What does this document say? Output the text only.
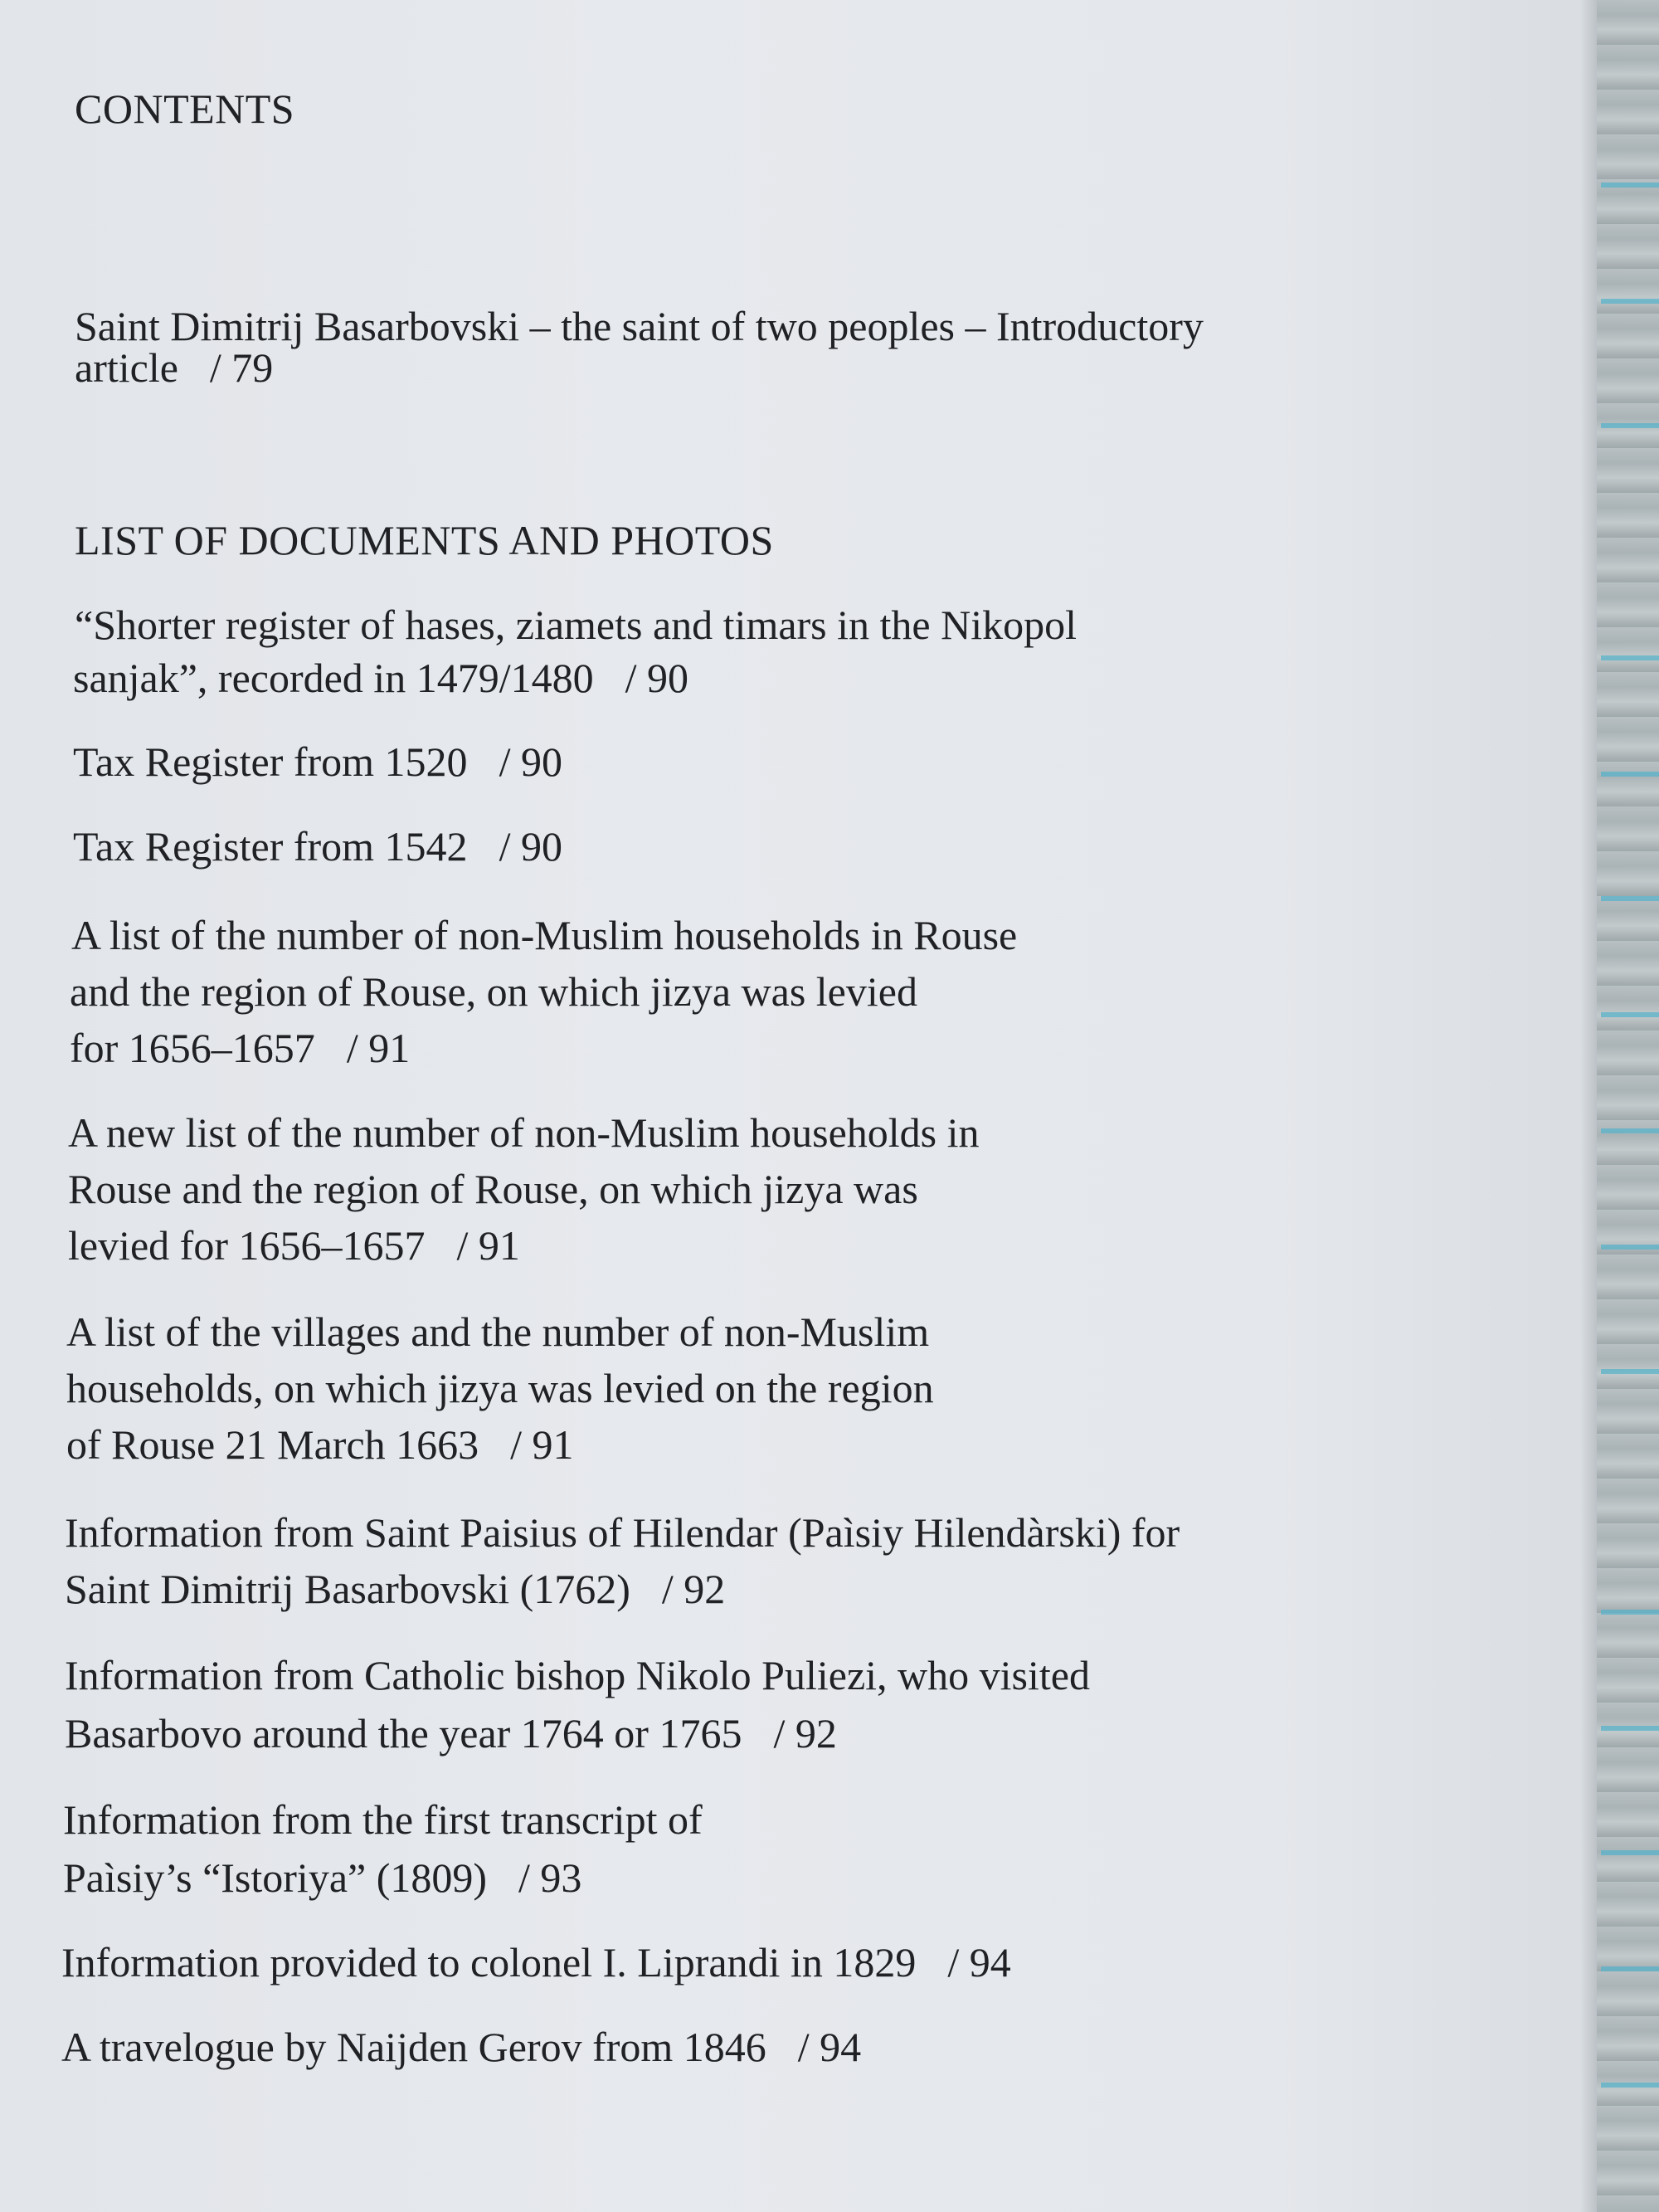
CONTENTS
Saint Dimitrij Basarbovski – the saint of two peoples – Introductory
article / 79
LIST OF DOCUMENTS AND PHOTOS
“Shorter register of hases, ziamets and timars in the Nikopol
sanjak”, recorded in 1479/1480 / 90
Tax Register from 1520 / 90
Tax Register from 1542 / 90
A list of the number of non-Muslim households in Rouse
and the region of Rouse, on which jizya was levied
for 1656–1657 / 91
A new list of the number of non-Muslim households in
Rouse and the region of Rouse, on which jizya was
levied for 1656–1657 / 91
A list of the villages and the number of non-Muslim
households, on which jizya was levied on the region
of Rouse 21 March 1663 / 91
Information from Saint Paisius of Hilendar (Paìsiy Hilendàrski) for
Saint Dimitrij Basarbovski (1762) / 92
Information from Catholic bishop Nikolo Puliezi, who visited
Basarbovo around the year 1764 or 1765 / 92
Information from the first transcript of
Paìsiy’s “Istoriya” (1809) / 93
Information provided to colonel I. Liprandi in 1829 / 94
A travelogue by Naijden Gerov from 1846 / 94
